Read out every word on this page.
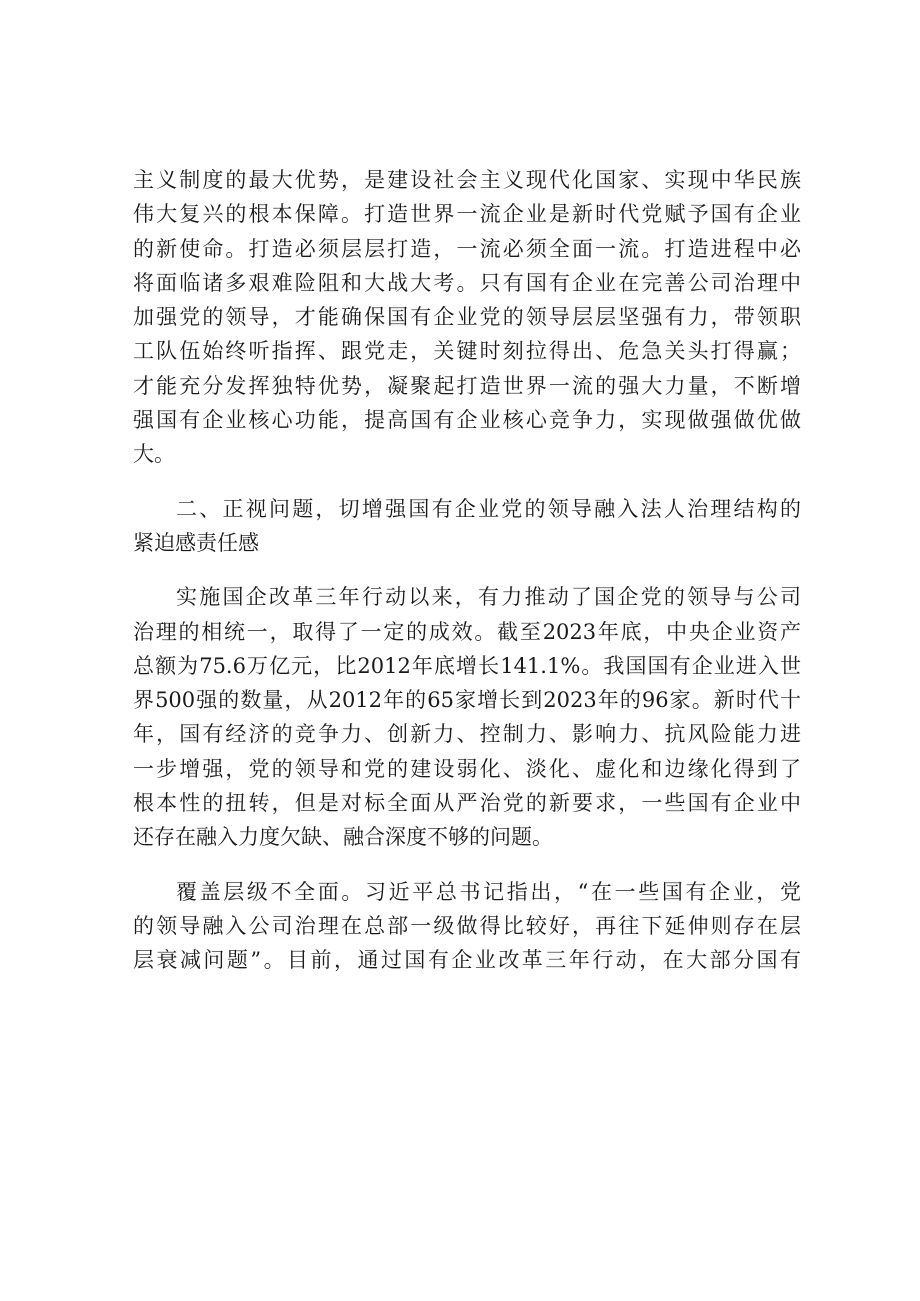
主义制度的最大优势，是建设社会主义现代化国家、实现中华民族
伟大复兴的根本保障。打造世界一流企业是新时代党赋予国有企业
的新使命。打造必须层层打造，一流必须全面一流。打造进程中必
将面临诸多艰难险阻和大战大考。只有国有企业在完善公司治理中
加强党的领导，才能确保国有企业党的领导层层坚强有力，带领职
工队伍始终听指挥、跟党走，关键时刻拉得出、危急关头打得赢；
才能充分发挥独特优势，凝聚起打造世界一流的强大力量，不断增
强国有企业核心功能，提高国有企业核心竞争力，实现做强做优做
大。
二、正视问题，切增强国有企业党的领导融入法人治理结构的
紧迫感责任感
实施国企改革三年行动以来，有力推动了国企党的领导与公司
治理的相统一，取得了一定的成效。截至2023年底，中央企业资产
总额为75.6万亿元，比2012年底增长141.1%。我国国有企业进入世
界500强的数量，从2012年的65家增长到2023年的96家。新时代十
年，国有经济的竞争力、创新力、控制力、影响力、抗风险能力进
一步增强，党的领导和党的建设弱化、淡化、虚化和边缘化得到了
根本性的扭转，但是对标全面从严治党的新要求，一些国有企业中
还存在融入力度欠缺、融合深度不够的问题。
覆盖层级不全面。习近平总书记指出，“在一些国有企业，党
的领导融入公司治理在总部一级做得比较好，再往下延伸则存在层
层衰减问题”。目前，通过国有企业改革三年行动，在大部分国有
